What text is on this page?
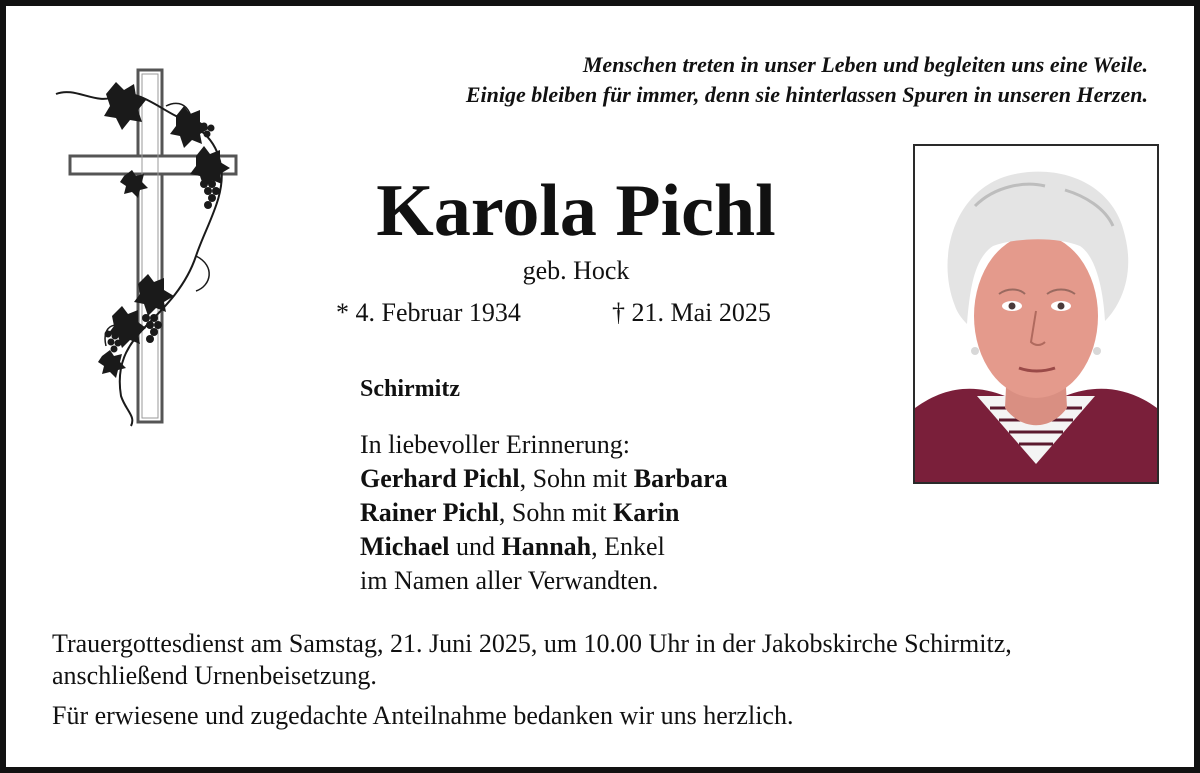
Menschen treten in unser Leben und begleiten uns eine Weile.
Einige bleiben für immer, denn sie hinterlassen Spuren in unseren Herzen.
Karola Pichl
geb. Hock
* 4. Februar 1934	† 21. Mai 2025
Schirmitz
In liebevoller Erinnerung:
Gerhard Pichl, Sohn mit Barbara
Rainer Pichl, Sohn mit Karin
Michael und Hannah, Enkel
im Namen aller Verwandten.
Trauergottesdienst am Samstag, 21. Juni 2025, um 10.00 Uhr in der Jakobskirche Schirmitz,
anschließend Urnenbeisetzung.
Für erwiesene und zugedachte Anteilnahme bedanken wir uns herzlich.
